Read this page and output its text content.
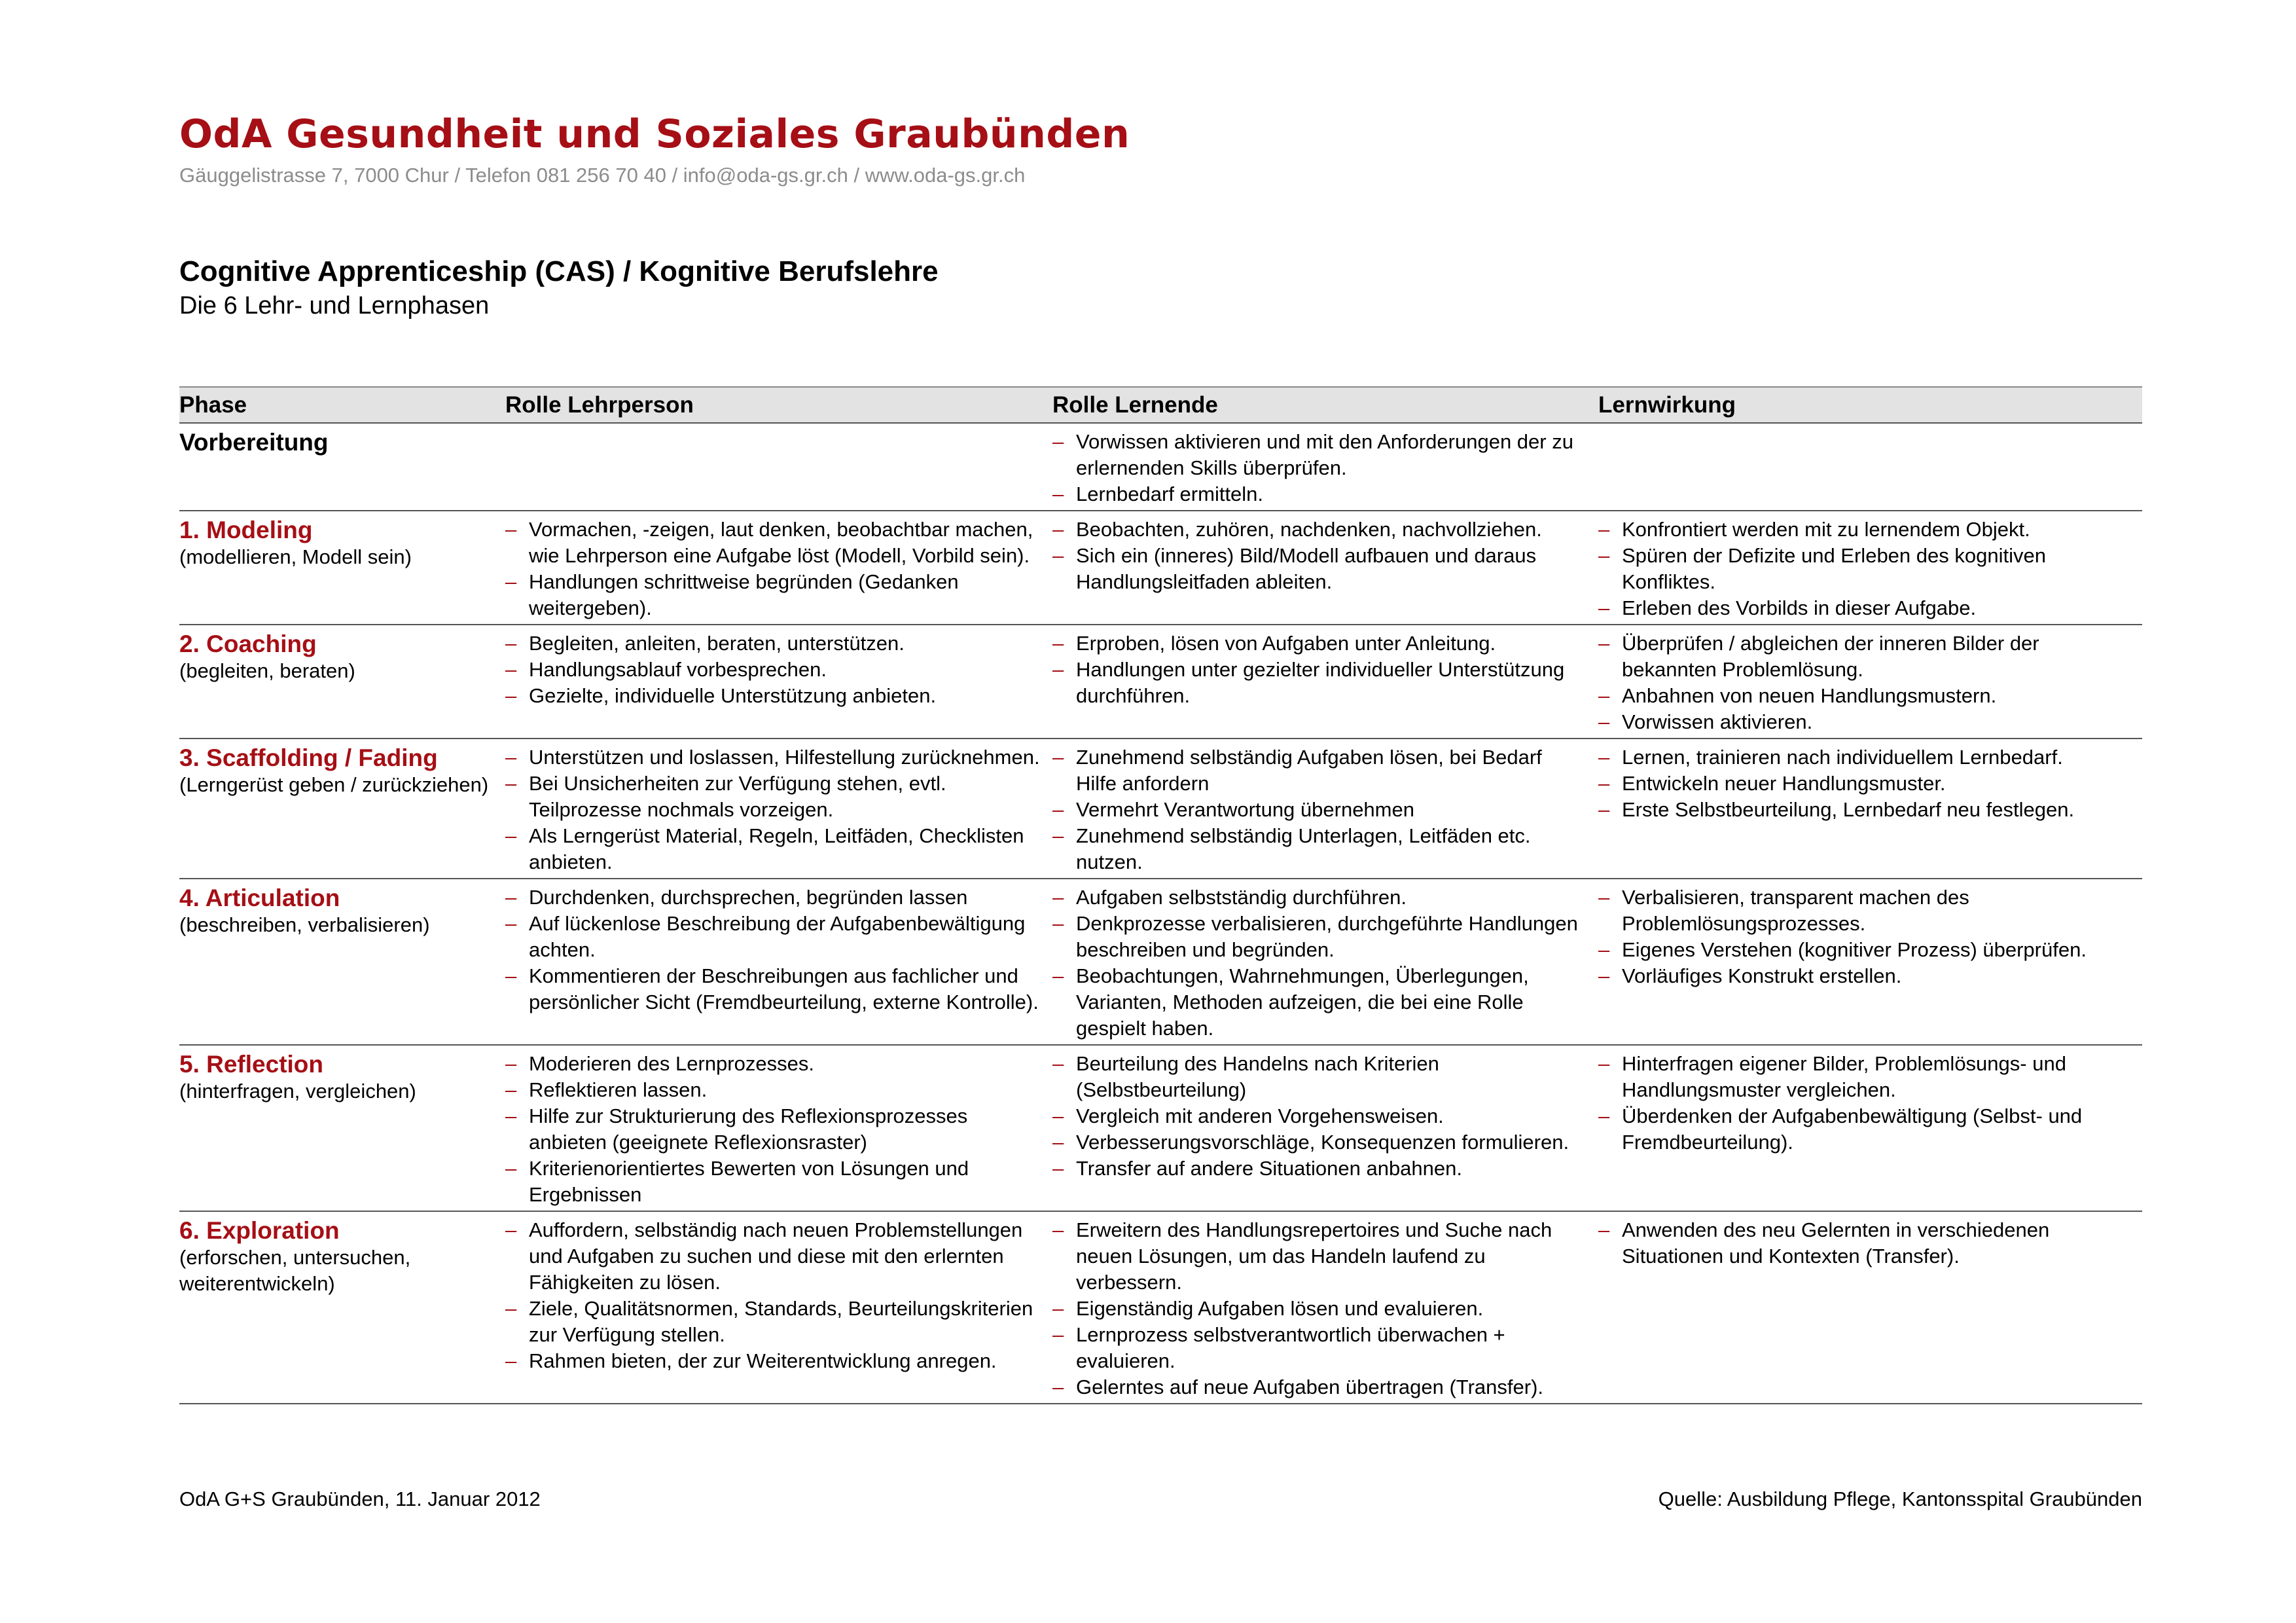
OdA Gesundheit und Soziales Graubünden
Gäuggelistrasse 7, 7000 Chur / Telefon 081 256 70 40 / info@oda-gs.gr.ch / www.oda-gs.gr.ch
Cognitive Apprenticeship (CAS) / Kognitive Berufslehre
Die 6 Lehr- und Lernphasen
Phase	Rolle Lehrperson	Rolle Lernende	Lernwirkung
Vorbereitung
–	Vorwissen aktivieren und mit den Anforderungen der zu erlernenden Skills überprüfen.
– Lernbedarf ermitteln.
1. Modeling
(modellieren, Modell sein)
– Vormachen, -zeigen, laut denken, beobachtbar machen, wie Lehrperson eine Aufgabe löst (Modell, Vorbild sein).
– Handlungen schrittweise begründen (Gedanken weitergeben).
– Beobachten, zuhören, nachdenken, nachvollziehen.
– Sich ein (inneres) Bild/Modell aufbauen und daraus Handlungsleitfaden ableiten.
– Konfrontiert werden mit zu lernendem Objekt.
– Spüren der Defizite und Erleben des kognitiven Konfliktes.
– Erleben des Vorbilds in dieser Aufgabe.
2. Coaching
(begleiten, beraten)
– Begleiten, anleiten, beraten, unterstützen.
– Handlungsablauf vorbesprechen.
– Gezielte, individuelle Unterstützung anbieten.
– Erproben, lösen von Aufgaben unter Anleitung.
– Handlungen unter gezielter individueller Unterstützung durchführen.
– Überprüfen / abgleichen der inneren Bilder der bekannten Problemlösung.
– Anbahnen von neuen Handlungsmustern.
– Vorwissen aktivieren.
3. Scaffolding / Fading
(Lerngerüst geben / zurückziehen)
– Unterstützen und loslassen, Hilfestellung zurücknehmen.
– Bei Unsicherheiten zur Verfügung stehen, evtl. Teilprozesse nochmals vorzeigen.
– Als Lerngerüst Material, Regeln, Leitfäden, Checklisten anbieten.
– Zunehmend selbständig Aufgaben lösen, bei Bedarf Hilfe anfordern
– Vermehrt Verantwortung übernehmen
– Zunehmend selbständig Unterlagen, Leitfäden etc. nutzen.
– Lernen, trainieren nach individuellem Lernbedarf.
– Entwickeln neuer Handlungsmuster.
– Erste Selbstbeurteilung, Lernbedarf neu festlegen.
4. Articulation
(beschreiben, verbalisieren)
– Durchdenken, durchsprechen, begründen lassen
– Auf lückenlose Beschreibung der Aufgabenbewältigung achten.
– Kommentieren der Beschreibungen aus fachlicher und persönlicher Sicht (Fremdbeurteilung, externe Kontrolle).
– Aufgaben selbstständig durchführen.
– Denkprozesse verbalisieren, durchgeführte Handlungen beschreiben und begründen.
– Beobachtungen, Wahrnehmungen, Überlegungen, Varianten, Methoden aufzeigen, die bei eine Rolle gespielt haben.
– Verbalisieren, transparent machen des Problemlösungsprozesses.
– Eigenes Verstehen (kognitiver Prozess) überprüfen.
– Vorläufiges Konstrukt erstellen.
5. Reflection
(hinterfragen, vergleichen)
– Moderieren des Lernprozesses.
– Reflektieren lassen.
– Hilfe zur Strukturierung des Reflexionsprozesses anbieten (geeignete Reflexionsraster)
– Kriterienorientiertes Bewerten von Lösungen und Ergebnissen
– Beurteilung des Handelns nach Kriterien (Selbstbeurteilung)
– Vergleich mit anderen Vorgehensweisen.
– Verbesserungsvorschläge, Konsequenzen formulieren.
– Transfer auf andere Situationen anbahnen.
– Hinterfragen eigener Bilder, Problemlösungs- und Handlungsmuster vergleichen.
– Überdenken der Aufgabenbewältigung (Selbst- und Fremdbeurteilung).
6. Exploration
(erforschen, untersuchen, weiterentwickeln)
– Auffordern, selbständig nach neuen Problemstellungen und Aufgaben zu suchen und diese mit den erlernten Fähigkeiten zu lösen.
– Ziele, Qualitätsnormen, Standards, Beurteilungskriterien zur Verfügung stellen.
– Rahmen bieten, der zur Weiterentwicklung anregen.
– Erweitern des Handlungsrepertoires und Suche nach neuen Lösungen, um das Handeln laufend zu verbessern.
– Eigenständig Aufgaben lösen und evaluieren.
– Lernprozess selbstverantwortlich überwachen + evaluieren.
– Gelerntes auf neue Aufgaben übertragen (Transfer).
– Anwenden des neu Gelernten in verschiedenen Situationen und Kontexten (Transfer).
OdA G+S Graubünden, 11. Januar 2012	Quelle: Ausbildung Pflege, Kantonsspital Graubünden
